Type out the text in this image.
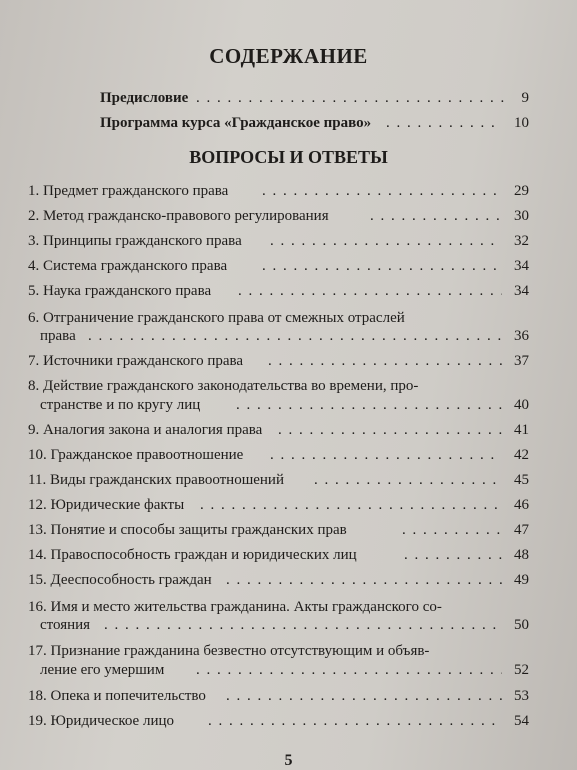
СОДЕРЖАНИЕ
Предисловие . . .	9
Программа курса «Гражданское право» . . .	10
ВОПРОСЫ И ОТВЕТЫ
1. Предмет гражданского права . . .	29
2. Метод гражданско-правового регулирования . . .	30
3. Принципы гражданского права . . .	32
4. Система гражданского права . . .	34
5. Наука гражданского права . . .	34
6. Отграничение гражданского права от смежных отраслей
права . . .	36
7. Источники гражданского права . . .	37
8. Действие гражданского законодательства во времени, про-
странстве и по кругу лиц . . .	40
9. Аналогия закона и аналогия права . . .	41
10. Гражданское правоотношение . . .	42
11. Виды гражданских правоотношений . . .	45
12. Юридические факты . . .	46
13. Понятие и способы защиты гражданских прав . . .	47
14. Правоспособность граждан и юридических лиц . . .	48
15. Дееспособность граждан . . .	49
16. Имя и место жительства гражданина. Акты гражданского со-
стояния . . .	50
17. Признание гражданина безвестно отсутствующим и объяв-
ление его умершим . . .	52
18. Опека и попечительство . . .	53
19. Юридическое лицо . . .	54
5
